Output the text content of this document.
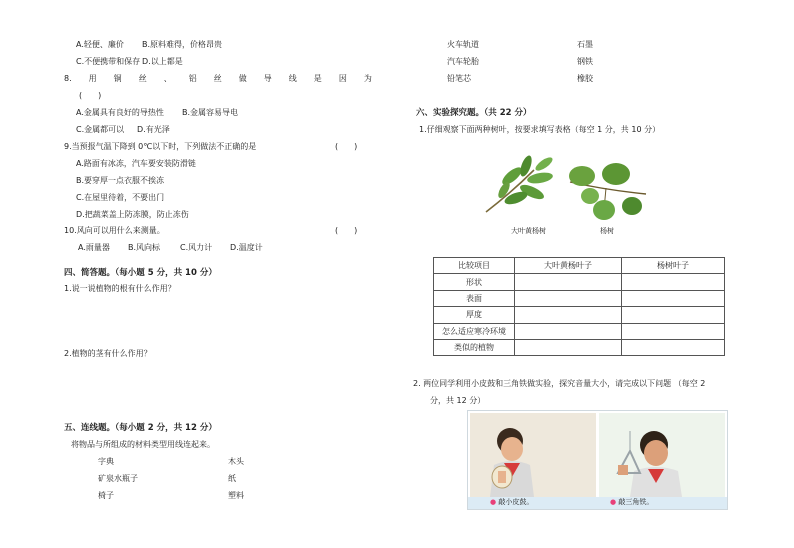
A.轻便、廉价 B.原料难得，价格昂贵
C.不便携带和保存 D.以上都是
8. 用 铜 丝 、 铝 丝 做 导 线 是 因 为
(　　)
A.金属具有良好的导热性 B.金属容易导电
C.金属都可以 D.有光泽
9.当预报气温下降到 0℃以下时，下列做法不正确的是	(　　)
A.路面有冰冻，汽车要安装防滑链
B.要穿厚一点衣服不挨冻
C.在屋里待着，不要出门
D.把蔬菜盖上防冻膜，防止冻伤
10.风向可以用什么来测量。	(　　)
A.雨量器 B.风向标 C.风力计 D.温度计
四、简答题。（每小题 5 分，共 10 分）
1.说一说植物的根有什么作用？
2.植物的茎有什么作用？
五、连线题。（每小题 2 分，共 12 分）
将物品与所组成的材料类型用线连起来。
字典	木头
矿泉水瓶子	纸
椅子	塑料
火车轨道	石墨
汽车轮胎	钢铁
铅笔芯	橡胶
六、实验探究题。（共 22 分）
1.仔细观察下面两种树叶，按要求填写表格（每空 1 分，共 10 分）
大叶黄杨树	杨树
比较项目	大叶黄杨叶子	杨树叶子
形状		
表面		
厚度		
怎么适应寒冷环境		
类似的植物		
2. 两位同学利用小皮鼓和三角铁做实验，探究音量大小，请完成以下问题 （每空 2
分，共 12 分）
● 敲小皮鼓。	● 敲三角铁。
